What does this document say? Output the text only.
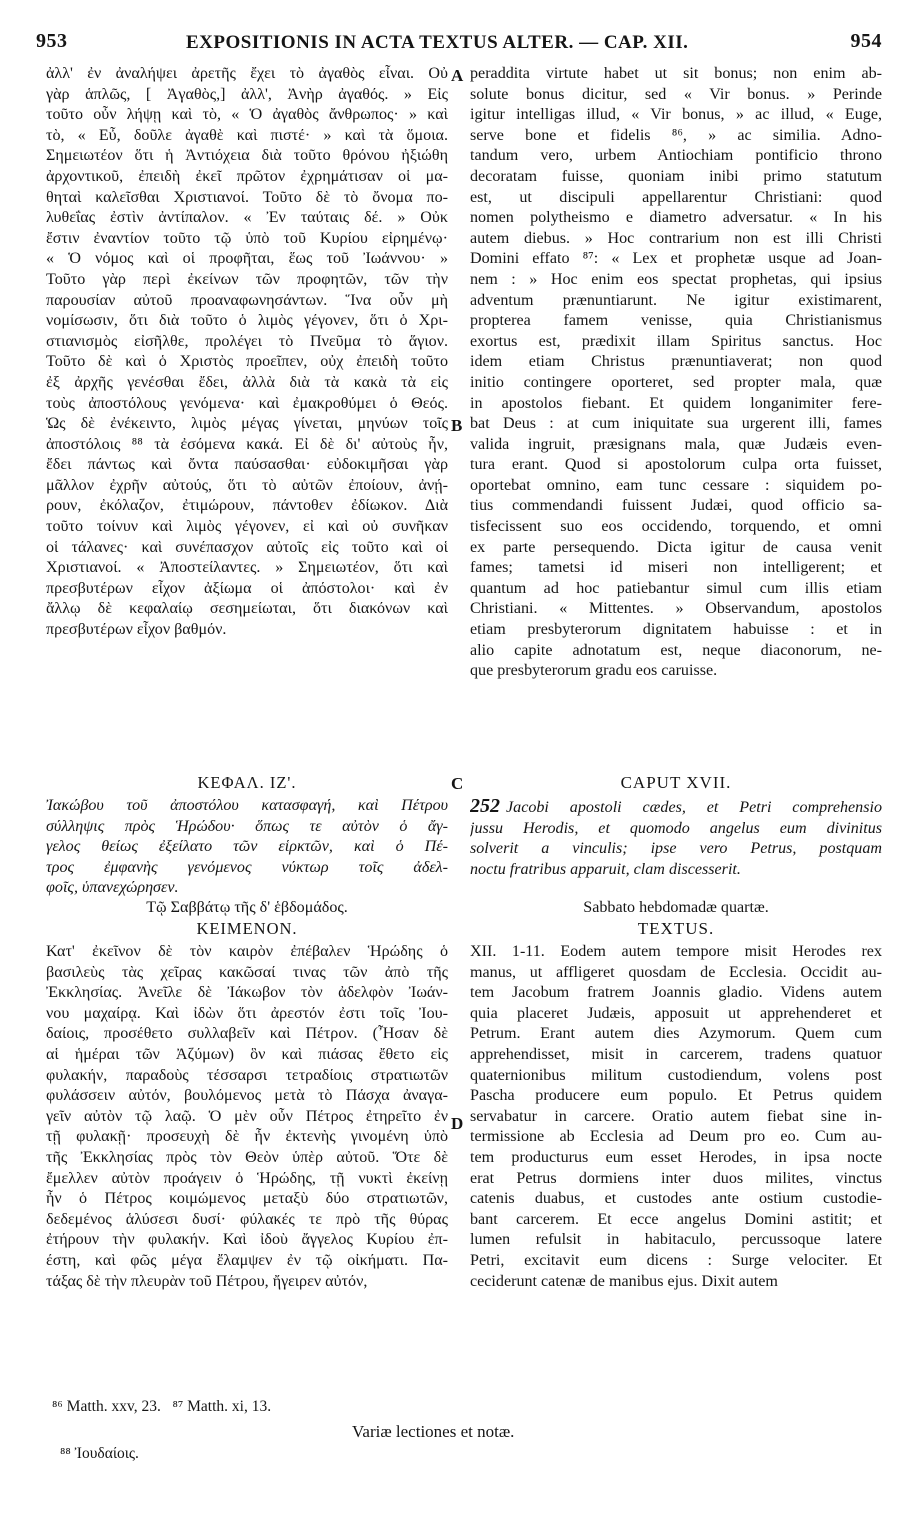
953	EXPOSITIONIS IN ACTA TEXTUS ALTER. — CAP. XII.	954
ἀλλ' ἐν ἀναλήψει ἀρετῆς ἔχει τὸ ἀγαθὸς εἶναι. Οὐ
γὰρ ἁπλῶς, [ Ἀγαθὸς,] ἀλλ', Ἀνὴρ ἀγαθός. » Εἰς
τοῦτο οὖν λήψῃ καὶ τὸ, « Ὁ ἀγαθὸς ἄνθρωπος· » καὶ
τὸ, « Εὖ, δοῦλε ἀγαθὲ καὶ πιστέ· » καὶ τὰ ὅμοια.
Σημειωτέον ὅτι ἡ Ἀντιόχεια διὰ τοῦτο θρόνου ἠξιώθη
ἀρχοντικοῦ, ἐπειδὴ ἐκεῖ πρῶτον ἐχρημάτισαν οἱ μα-
θηταὶ καλεῖσθαι Χριστιανοί. Τοῦτο δὲ τὸ ὄνομα πο-
λυθεΐας ἐστὶν ἀντίπαλον. « Ἐν ταύταις δέ. » Οὐκ
ἔστιν ἐναντίον τοῦτο τῷ ὑπὸ τοῦ Κυρίου εἰρημένῳ·
« Ὁ νόμος καὶ οἱ προφῆται, ἕως τοῦ Ἰωάννου· »
Τοῦτο γὰρ περὶ ἐκείνων τῶν προφητῶν, τῶν τὴν
παρουσίαν αὐτοῦ προαναφωνησάντων. Ἵνα οὖν μὴ
νομίσωσιν, ὅτι διὰ τοῦτο ὁ λιμὸς γέγονεν, ὅτι ὁ Χρι-
στιανισμὸς εἰσῆλθε, προλέγει τὸ Πνεῦμα τὸ ἅγιον.
Τοῦτο δὲ καὶ ὁ Χριστὸς προεῖπεν, οὐχ ἐπειδὴ τοῦτο
ἐξ ἀρχῆς γενέσθαι ἔδει, ἀλλὰ διὰ τὰ κακὰ τὰ εἰς
τοὺς ἀποστόλους γενόμενα· καὶ ἐμακροθύμει ὁ Θεός.
Ὡς δὲ ἐνέκειντο, λιμὸς μέγας γίνεται, μηνύων τοῖς
ἀποστόλοις ⁸⁸ τὰ ἐσόμενα κακά. Εἰ δὲ δι' αὐτοὺς ἦν,
ἔδει πάντως καὶ ὄντα παύσασθαι· εὐδοκιμῆσαι γὰρ
μᾶλλον ἐχρῆν αὐτούς, ὅτι τὸ αὐτῶν ἐποίουν, ἀνῄ-
ρουν, ἐκόλαζον, ἐτιμώρουν, πάντοθεν ἐδίωκον. Διὰ
τοῦτο τοίνυν καὶ λιμὸς γέγονεν, εἰ καὶ οὐ συνῆκαν
οἱ τάλανες· καὶ συνέπασχον αὐτοῖς εἰς τοῦτο καὶ οἱ
Χριστιανοί. « Ἀποστείλαντες. » Σημειωτέον, ὅτι καὶ
πρεσβυτέρων εἶχον ἀξίωμα οἱ ἀπόστολοι· καὶ ἐν
ἄλλῳ δὲ κεφαλαίῳ σεσημείωται, ὅτι διακόνων καὶ
πρεσβυτέρων εἶχον βαθμόν.
ΚΕΦΑΛ. ΙΖ'.
Ἰακώβου τοῦ ἀποστόλου κατασφαγή, καὶ Πέτρου
σύλληψις πρὸς Ἡρώδου· ὅπως τε αὐτὸν ὁ ἄγ-
γελος θείως ἐξείλατο τῶν εἱρκτῶν, καὶ ὁ Πέ-
τρος ἐμφανὴς γενόμενος νύκτωρ τοῖς ἀδελ-
φοῖς, ὑπανεχώρησεν.
Τῷ Σαββάτῳ τῆς δ' ἑβδομάδος.
ΚΕΙΜΕΝΟΝ.
Κατ' ἐκεῖνον δὲ τὸν καιρὸν ἐπέβαλεν Ἡρώδης ὁ
βασιλεὺς τὰς χεῖρας κακῶσαί τινας τῶν ἀπὸ τῆς
Ἐκκλησίας. Ἀνεῖλε δὲ Ἰάκωβον τὸν ἀδελφὸν Ἰωάν-
νου μαχαίρᾳ. Καὶ ἰδὼν ὅτι ἀρεστόν ἐστι τοῖς Ἰου-
δαίοις, προσέθετο συλλαβεῖν καὶ Πέτρον. (Ἦσαν δὲ
αἱ ἡμέραι τῶν Ἀζύμων) ὃν καὶ πιάσας ἔθετο εἰς
φυλακήν, παραδοὺς τέσσαρσι τετραδίοις στρατιωτῶν
φυλάσσειν αὐτόν, βουλόμενος μετὰ τὸ Πάσχα ἀναγα-
γεῖν αὐτὸν τῷ λαῷ. Ὁ μὲν οὖν Πέτρος ἐτηρεῖτο ἐν
τῇ φυλακῇ· προσευχὴ δὲ ἦν ἐκτενὴς γινομένη ὑπὸ
τῆς Ἐκκλησίας πρὸς τὸν Θεὸν ὑπὲρ αὐτοῦ. Ὅτε δὲ
ἔμελλεν αὐτὸν προάγειν ὁ Ἡρώδης, τῇ νυκτὶ ἐκείνῃ
ἦν ὁ Πέτρος κοιμώμενος μεταξὺ δύο στρατιωτῶν,
δεδεμένος ἁλύσεσι δυσί· φύλακές τε πρὸ τῆς θύρας
ἐτήρουν τὴν φυλακήν. Καὶ ἰδοὺ ἄγγελος Κυρίου ἐπ-
έστη, καὶ φῶς μέγα ἔλαμψεν ἐν τῷ οἰκήματι. Πα-
τάξας δὲ τὴν πλευρὰν τοῦ Πέτρου, ἤγειρεν αὐτόν,
peraddita virtute habet ut sit bonus; non enim ab-
solute bonus dicitur, sed « Vir bonus. » Perinde
igitur intelligas illud, « Vir bonus, » ac illud, « Euge,
serve bone et fidelis ⁸⁶, » ac similia. Adno-
tandum vero, urbem Antiochiam pontificio throno
decoratam fuisse, quoniam inibi primo statutum
est, ut discipuli appellarentur Christiani: quod
nomen polytheismo e diametro adversatur. « In his
autem diebus. » Hoc contrarium non est illi Christi
Domini effato ⁸⁷: « Lex et prophetæ usque ad Joan-
nem : » Hoc enim eos spectat prophetas, qui ipsius
adventum prænuntiarunt. Ne igitur existimarent,
propterea famem venisse, quia Christianismus
exortus est, prædixit illam Spiritus sanctus. Hoc
idem etiam Christus prænuntiaverat; non quod
initio contingere oporteret, sed propter mala, quæ
in apostolos fiebant. Et quidem longanimiter fere-
bat Deus : at cum iniquitate sua urgerent illi, fames
valida ingruit, præsignans mala, quæ Judæis even-
tura erant. Quod si apostolorum culpa orta fuisset,
oportebat omnino, eam tunc cessare : siquidem po-
tius commendandi fuissent Judæi, quod officio sa-
tisfecissent suo eos occidendo, torquendo, et omni
ex parte persequendo. Dicta igitur de causa venit
fames; tametsi id miseri non intelligerent; et
quantum ad hoc patiebantur simul cum illis etiam
Christiani. « Mittentes. » Observandum, apostolos
etiam presbyterorum dignitatem habuisse : et in
alio capite adnotatum est, neque diaconorum, ne-
que presbyterorum gradu eos caruisse.
CAPUT XVII.
252 Jacobi apostoli cædes, et Petri comprehensio
jussu Herodis, et quomodo angelus eum divinitus
solverit a vinculis; ipse vero Petrus, postquam
noctu fratribus apparuit, clam discesserit.
Sabbato hebdomadæ quartæ.
TEXTUS.
XII. 1-11. Eodem autem tempore misit Herodes rex
manus, ut affligeret quosdam de Ecclesia. Occidit au-
tem Jacobum fratrem Joannis gladio. Videns autem
quia placeret Judæis, apposuit ut apprehenderet et
Petrum. Erant autem dies Azymorum. Quem cum
apprehendisset, misit in carcerem, tradens quatuor
quaternionibus militum custodiendum, volens post
Pascha producere eum populo. Et Petrus quidem
servabatur in carcere. Oratio autem fiebat sine in-
termissione ab Ecclesia ad Deum pro eo. Cum au-
tem producturus eum esset Herodes, in ipsa nocte
erat Petrus dormiens inter duos milites, vinctus
catenis duabus, et custodes ante ostium custodie-
bant carcerem. Et ecce angelus Domini astitit; et
lumen refulsit in habitaculo, percussoque latere
Petri, excitavit eum dicens : Surge velociter. Et
ceciderunt catenæ de manibus ejus. Dixit autem
A
B
C
D
⁸⁶ Matth. xxv, 23.   ⁸⁷ Matth. xi, 13.
Variæ lectiones et notæ.
⁸⁸ Ἰουδαίοις.
